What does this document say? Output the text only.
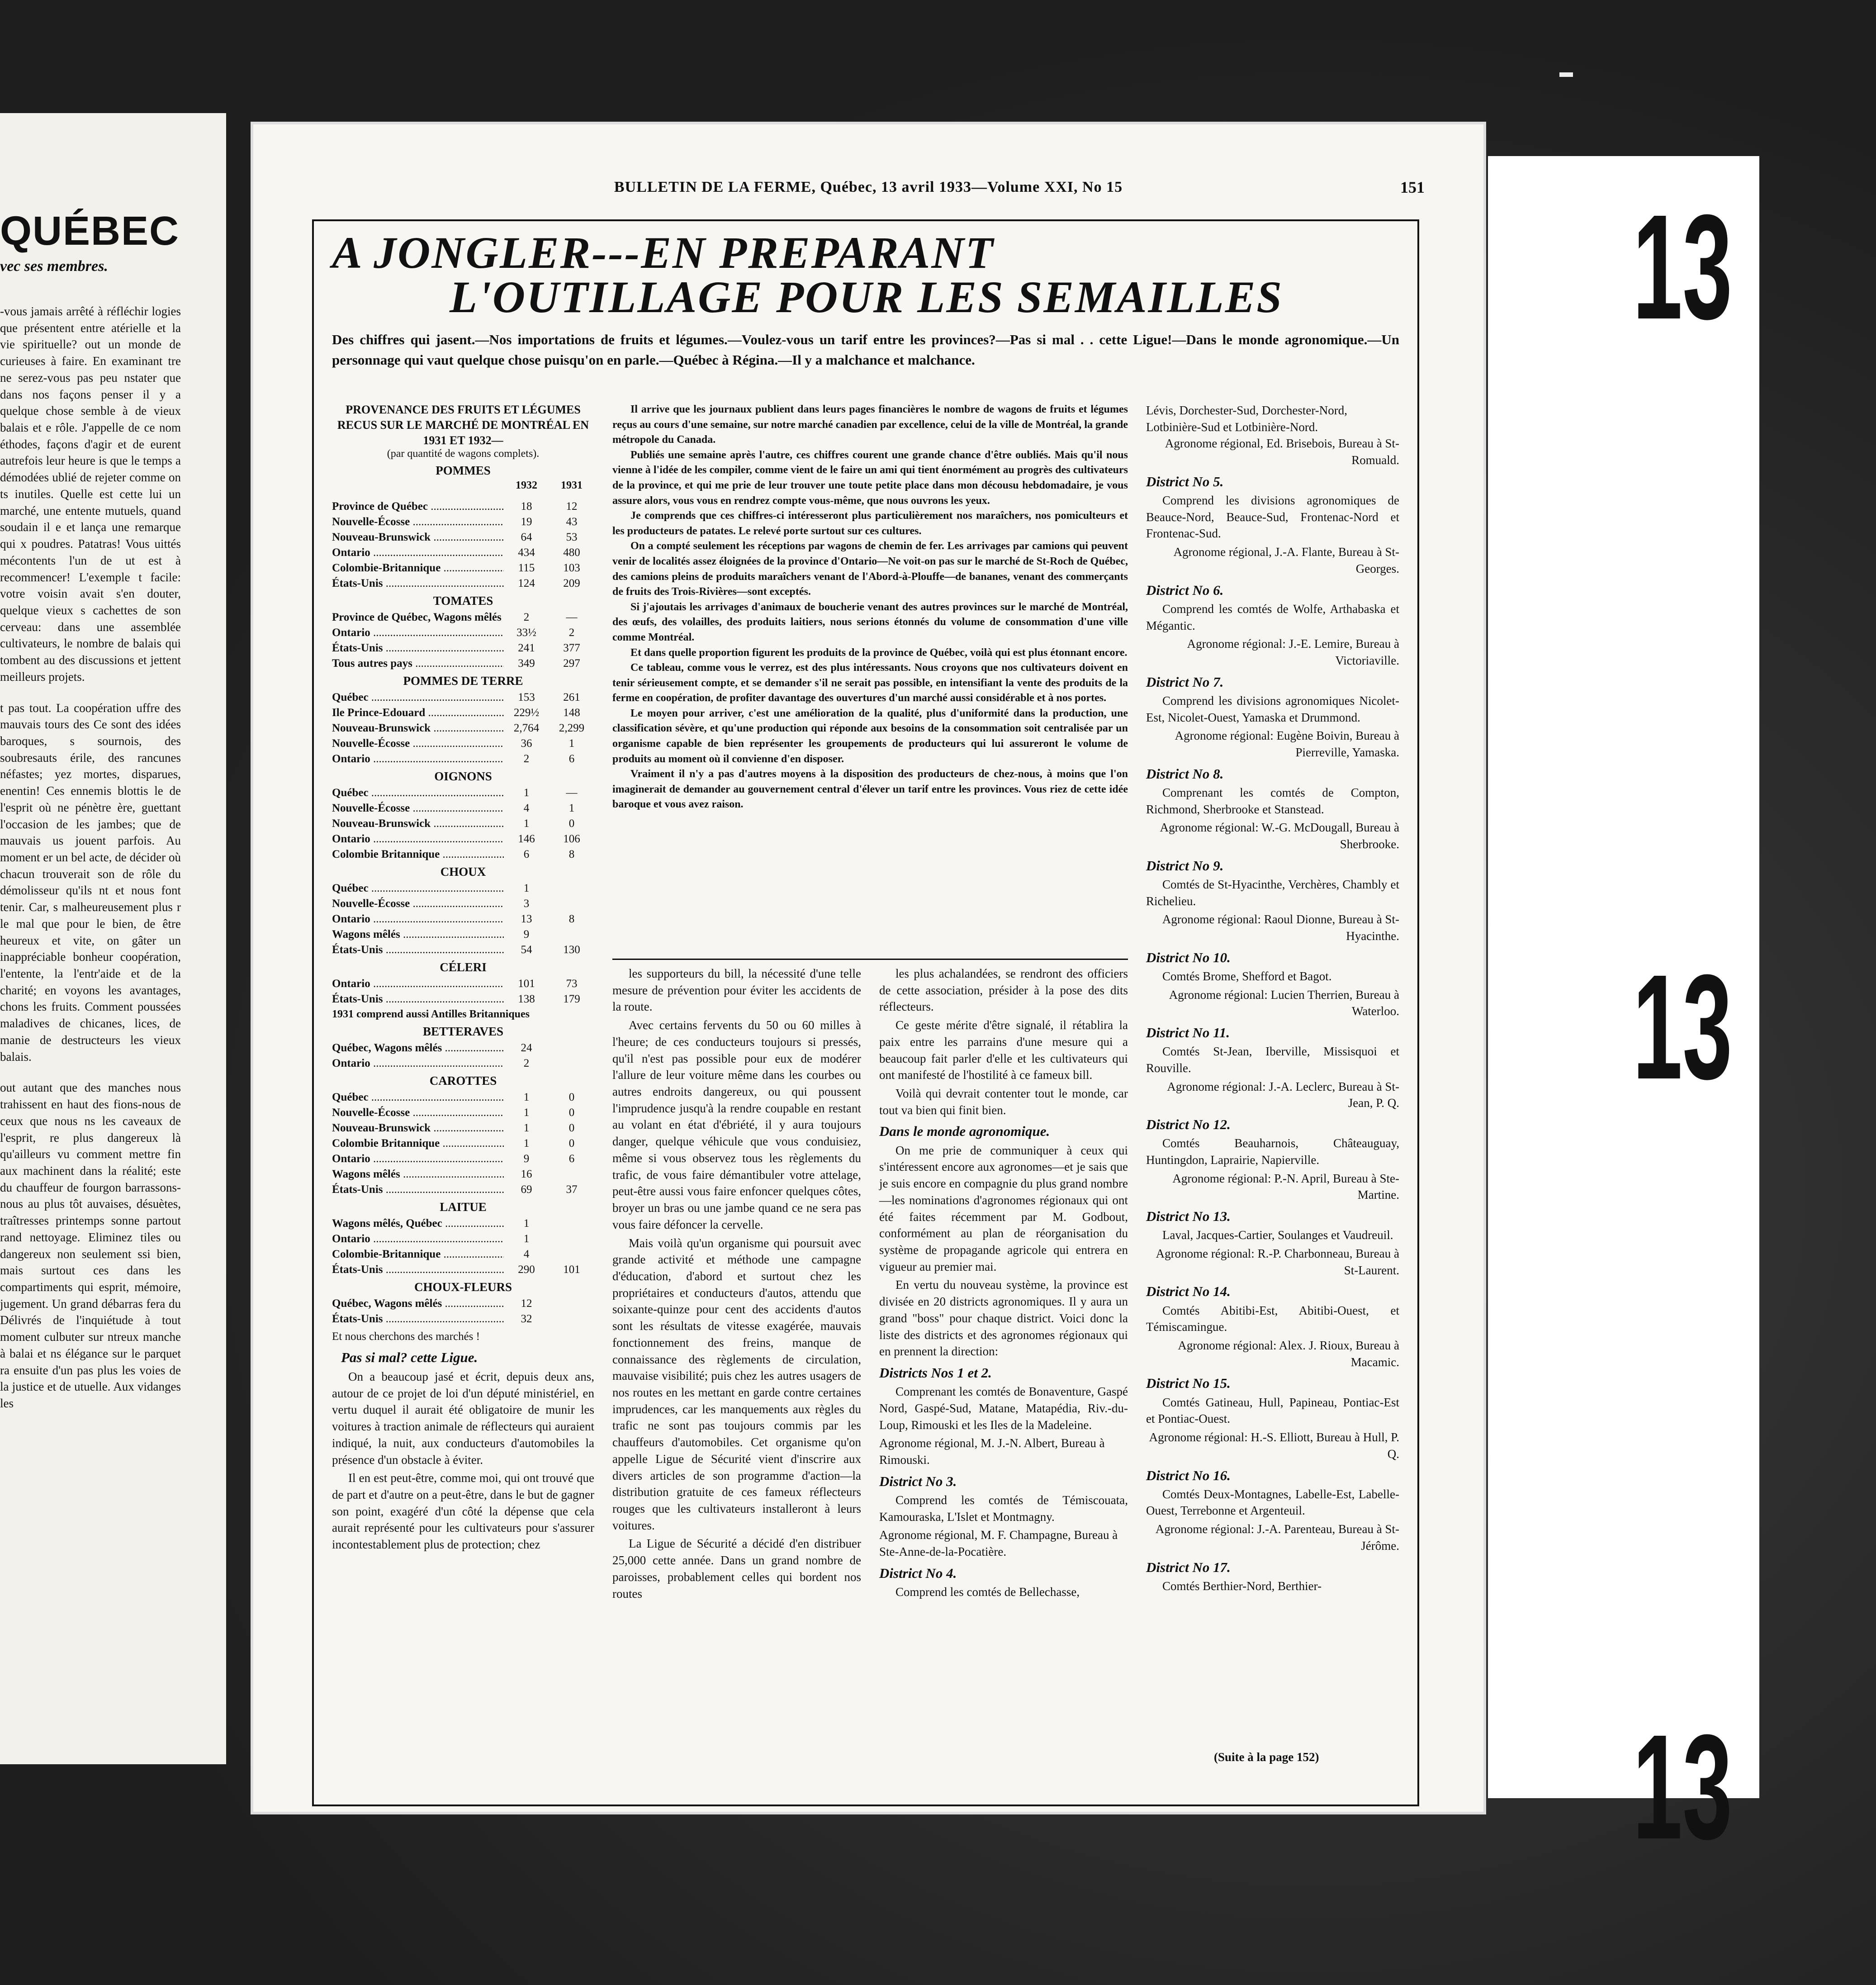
QUÉBEC
vec ses membres.

-vous jamais arrêté à réfléchir logies que présentent entre atérielle et la vie spirituelle? out un monde de curieuses à faire. En examinant tre ne serez-vous pas peu nstater que dans nos façons penser il y a quelque chose semble à de vieux balais et e rôle. J'appelle de ce nom éthodes, façons d'agir et de eurent autrefois leur heure is que le temps a démodées ublié de rejeter comme on ts inutiles. Quelle est cette lui un marché, une entente mutuels, quand soudain il e et lança une remarque qui x poudres. Patatras! Vous uittés mécontents l'un de ut est à recommencer! L'exemple t facile: votre voisin avait s'en douter, quelque vieux s cachettes de son cerveau: dans une assemblée cultivateurs, le nombre de balais qui tombent au des discussions et jettent meilleurs projets.

t pas tout. La coopération uffre des mauvais tours des Ce sont des idées baroques, s sournois, des soubresauts érile, des rancunes néfastes; yez mortes, disparues, enentin! Ces ennemis blottis le de l'esprit où ne pénètre ère, guettant l'occasion de les jambes; que de mauvais us jouent parfois. Au moment er un bel acte, de décider où chacun trouverait son de rôle du démolisseur qu'ils nt et nous font tenir. Car, s malheureusement plus r le mal que pour le bien, de être heureux et vite, on gâter un inappréciable bonheur coopération, l'entente, la l'entr'aide et de la charité; en voyons les avantages, chons les fruits. Comment poussées maladives de chicanes, lices, de manie de destructeurs les vieux balais.

out autant que des manches nous trahissent en haut des fions-nous de ceux que nous ns les caveaux de l'esprit, re plus dangereux là qu'ailleurs vu comment mettre fin aux machinent dans la réalité; este du chauffeur de fourgon barrassons-nous au plus tôt auvaises, désuètes, traîtresses printemps sonne partout rand nettoyage. Eliminez tiles ou dangereux non seulement ssi bien, mais surtout ces dans les compartiments qui esprit, mémoire, jugement. Un grand débarras fera du Délivrés de l'inquiétude à tout moment culbuter sur ntreux manche à balai et ns élégance sur le parquet ra ensuite d'un pas plus les voies de la justice et de utuelle. Aux vidanges les

BULLETIN DE LA FERME, Québec, 13 avril 1933—Volume XXI, No 15	151
A JONGLER---EN PREPARANT
L'OUTILLAGE POUR LES SEMAILLES
Des chiffres qui jasent.—Nos importations de fruits et légumes.—Voulez-vous un tarif entre les provinces?—Pas si mal . . cette Ligue!—Dans le monde agronomique.—Un personnage qui vaut quelque chose puisqu'on en parle.—Québec à Régina.—Il y a malchance et malchance.
PROVENANCE DES FRUITS ET LÉGUMES RECUS SUR LE MARCHÉ DE MONTRÉAL EN 1931 ET 1932—
(par quantité de wagons complets).
POMMES
1932	1931
Province de Québec .....	18	12
Nouvelle-Écosse .....	19	43
Nouveau-Brunswick .....	64	53
Ontario .....	434	480
Colombie-Britannique .....	115	103
États-Unis .....	124	209
TOMATES
Province de Québec, Wagons mêlés .....	2	—
Ontario .....	33½	2
États-Unis .....	241	377
Tous autres pays .....	349	297
POMMES DE TERRE
Québec .....	153	261
Ile Prince-Edouard .....	229½	148
Nouveau-Brunswick .....	2,764	2,299
Nouvelle-Écosse .....	36	1
Ontario .....	2	6
OIGNONS
Québec .....	1	—
Nouvelle-Écosse .....	4	1
Nouveau-Brunswick .....	1	0
Ontario .....	146	106
Colombie Britannique .....	6	8
CHOUX
Québec .....	1
Nouvelle-Écosse .....	3
Ontario .....	13	8
Wagons mêlés .....	9
États-Unis .....	54	130
CÉLERI
Ontario .....	101	73
États-Unis .....	138	179
1931 comprend aussi Antilles Britanniques
BETTERAVES
Québec, Wagons mêlés .....	24
Ontario .....	2
CAROTTES
Québec .....	1	0
Nouvelle-Écosse .....	1	0
Nouveau-Brunswick .....	1	0
Colombie Britannique .....	1	0
Ontario .....	9	6
Wagons mêlés .....	16
États-Unis .....	69	37
LAITUE
Wagons mêlés, Québec .....	1
Ontario .....	1
Colombie-Britannique .....	4
États-Unis .....	290	101
CHOUX-FLEURS
Québec, Wagons mêlés .....	12
États-Unis .....	32
Et nous cherchons des marchés !
Pas si mal? cette Ligue.

On a beaucoup jasé et écrit, depuis deux ans, autour de ce projet de loi d'un député ministériel, en vertu duquel il aurait été obligatoire de munir les voitures à traction animale de réflecteurs qui auraient indiqué, la nuit, aux conducteurs d'automobiles la présence d'un obstacle à éviter.

Il en est peut-être, comme moi, qui ont trouvé que de part et d'autre on a peut-être, dans le but de gagner son point, exagéré d'un côté la dépense que cela aurait représenté pour les cultivateurs pour s'assurer incontestablement plus de protection; chez

Il arrive que les journaux publient dans leurs pages financières le nombre de wagons de fruits et légumes reçus au cours d'une semaine, sur notre marché canadien par excellence, celui de la ville de Montréal, la grande métropole du Canada.

Publiés une semaine après l'autre, ces chiffres courent une grande chance d'être oubliés. Mais qu'il nous vienne à l'idée de les compiler, comme vient de le faire un ami qui tient énormément au progrès des cultivateurs de la province, et qui me prie de leur trouver une toute petite place dans mon décousu hebdomadaire, je vous assure alors, vous vous en rendrez compte vous-même, que nous ouvrons les yeux.

Je comprends que ces chiffres-ci intéresseront plus particulièrement nos maraîchers, nos pomiculteurs et les producteurs de patates. Le relevé porte surtout sur ces cultures.

On a compté seulement les réceptions par wagons de chemin de fer. Les arrivages par camions qui peuvent venir de localités assez éloignées de la province d'Ontario—Ne voit-on pas sur le marché de St-Roch de Québec, des camions pleins de produits maraîchers venant de l'Abord-à-Plouffe—de bananes, venant des commerçants de fruits des Trois-Rivières—sont exceptés.

Si j'ajoutais les arrivages d'animaux de boucherie venant des autres provinces sur le marché de Montréal, des œufs, des volailles, des produits laitiers, nous serions étonnés du volume de consommation d'une ville comme Montréal.

Et dans quelle proportion figurent les produits de la province de Québec, voilà qui est plus étonnant encore.

Ce tableau, comme vous le verrez, est des plus intéressants. Nous croyons que nos cultivateurs doivent en tenir sérieusement compte, et se demander s'il ne serait pas possible, en intensifiant la vente des produits de la ferme en coopération, de profiter davantage des ouvertures d'un marché aussi considérable et à nos portes.

Le moyen pour arriver, c'est une amélioration de la qualité, plus d'uniformité dans la production, une classification sévère, et qu'une production qui réponde aux besoins de la consommation soit centralisée par un organisme capable de bien représenter les groupements de producteurs qui lui assureront le volume de produits au moment où il convienne d'en disposer.

Vraiment il n'y a pas d'autres moyens à la disposition des producteurs de chez-nous, à moins que l'on imaginerait de demander au gouvernement central d'élever un tarif entre les provinces. Vous riez de cette idée baroque et vous avez raison.

les supporteurs du bill, la nécessité d'une telle mesure de prévention pour éviter les accidents de la route.

Avec certains fervents du 50 ou 60 milles à l'heure; de ces conducteurs toujours si pressés, qu'il n'est pas possible pour eux de modérer l'allure de leur voiture même dans les courbes ou autres endroits dangereux, ou qui poussent l'imprudence jusqu'à la rendre coupable en restant au volant en état d'ébriété, il y aura toujours danger, quelque véhicule que vous conduisiez, même si vous observez tous les règlements du trafic, de vous faire démantibuler votre attelage, peut-être aussi vous faire enfoncer quelques côtes, broyer un bras ou une jambe quand ce ne sera pas vous faire défoncer la cervelle.

Mais voilà qu'un organisme qui poursuit avec grande activité et méthode une campagne d'éducation, d'abord et surtout chez les propriétaires et conducteurs d'autos, attendu que soixante-quinze pour cent des accidents d'autos sont les résultats de vitesse exagérée, mauvais fonctionnement des freins, manque de connaissance des règlements de circulation, mauvaise visibilité; puis chez les autres usagers de nos routes en les mettant en garde contre certaines imprudences, car les manquements aux règles du trafic ne sont pas toujours commis par les chauffeurs d'automobiles. Cet organisme qu'on appelle Ligue de Sécurité vient d'inscrire aux divers articles de son programme d'action—la distribution gratuite de ces fameux réflecteurs rouges que les cultivateurs installeront à leurs voitures.

La Ligue de Sécurité a décidé d'en distribuer 25,000 cette année. Dans un grand nombre de paroisses, probablement celles qui bordent nos routes

les plus achalandées, se rendront des officiers de cette association, présider à la pose des dits réflecteurs.

Ce geste mérite d'être signalé, il rétablira la paix entre les parrains d'une mesure qui a beaucoup fait parler d'elle et les cultivateurs qui ont manifesté de l'hostilité à ce fameux bill.

Voilà qui devrait contenter tout le monde, car tout va bien qui finit bien.

Dans le monde agronomique.

On me prie de communiquer à ceux qui s'intéressent encore aux agronomes—et je sais que je suis encore en compagnie du plus grand nombre—les nominations d'agronomes régionaux qui ont été faites récemment par M. Godbout, conformément au plan de réorganisation du système de propagande agricole qui entrera en vigueur au premier mai.

En vertu du nouveau système, la province est divisée en 20 districts agronomiques. Il y aura un grand "boss" pour chaque district. Voici donc la liste des districts et des agronomes régionaux qui en prennent la direction:

Districts Nos 1 et 2.

Comprenant les comtés de Bonaventure, Gaspé Nord, Gaspé-Sud, Matane, Matapédia, Riv.-du-Loup, Rimouski et les Iles de la Madeleine.

Agronome régional, M. J.-N. Albert, Bureau à Rimouski.
District No 3.

Comprend les comtés de Témiscouata, Kamouraska, L'Islet et Montmagny.

Agronome régional, M. F. Champagne, Bureau à Ste-Anne-de-la-Pocatière.
District No 4.

Comprend les comtés de Bellechasse,

Lévis, Dorchester-Sud, Dorchester-Nord, Lotbinière-Sud et Lotbinière-Nord.
Agronome régional, Ed. Brisebois, Bureau à St-Romuald.
District No 5.

Comprend les divisions agronomiques de Beauce-Nord, Beauce-Sud, Frontenac-Nord et Frontenac-Sud.

Agronome régional, J.-A. Flante, Bureau à St-Georges.
District No 6.

Comprend les comtés de Wolfe, Arthabaska et Mégantic.

Agronome régional: J.-E. Lemire, Bureau à Victoriaville.
District No 7.

Comprend les divisions agronomiques Nicolet-Est, Nicolet-Ouest, Yamaska et Drummond.

Agronome régional: Eugène Boivin, Bureau à Pierreville, Yamaska.
District No 8.

Comprenant les comtés de Compton, Richmond, Sherbrooke et Stanstead.

Agronome régional: W.-G. McDougall, Bureau à Sherbrooke.
District No 9.

Comtés de St-Hyacinthe, Verchères, Chambly et Richelieu.

Agronome régional: Raoul Dionne, Bureau à St-Hyacinthe.
District No 10.

Comtés Brome, Shefford et Bagot.

Agronome régional: Lucien Therrien, Bureau à Waterloo.
District No 11.

Comtés St-Jean, Iberville, Missisquoi et Rouville.

Agronome régional: J.-A. Leclerc, Bureau à St-Jean, P. Q.
District No 12.

Comtés Beauharnois, Châteauguay, Huntingdon, Laprairie, Napierville.

Agronome régional: P.-N. April, Bureau à Ste-Martine.
District No 13.

Laval, Jacques-Cartier, Soulanges et Vaudreuil.

Agronome régional: R.-P. Charbonneau, Bureau à St-Laurent.
District No 14.

Comtés Abitibi-Est, Abitibi-Ouest, et Témiscamingue.

Agronome régional: Alex. J. Rioux, Bureau à Macamic.
District No 15.

Comtés Gatineau, Hull, Papineau, Pontiac-Est et Pontiac-Ouest.

Agronome régional: H.-S. Elliott, Bureau à Hull, P. Q.
District No 16.

Comtés Deux-Montagnes, Labelle-Est, Labelle-Ouest, Terrebonne et Argenteuil.

Agronome régional: J.-A. Parenteau, Bureau à St-Jérôme.
District No 17.

Comtés Berthier-Nord, Berthier-

(Suite à la page 152)
13
13
13
